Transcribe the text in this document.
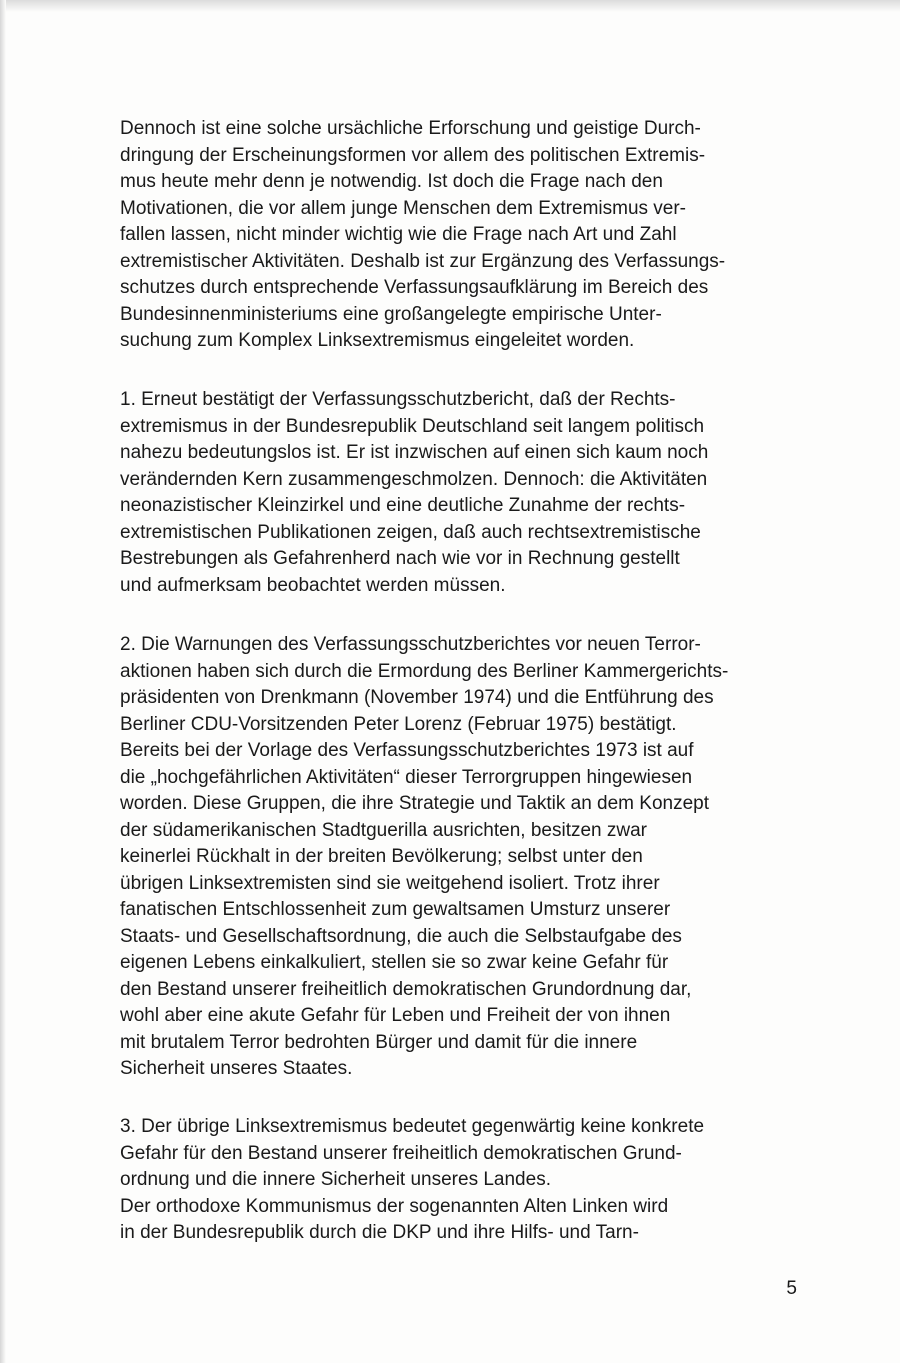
Dennoch ist eine solche ursächliche Erforschung und geistige Durch-
dringung der Erscheinungsformen vor allem des politischen Extremis-
mus heute mehr denn je notwendig. Ist doch die Frage nach den
Motivationen, die vor allem junge Menschen dem Extremismus ver-
fallen lassen, nicht minder wichtig wie die Frage nach Art und Zahl
extremistischer Aktivitäten. Deshalb ist zur Ergänzung des Verfassungs-
schutzes durch entsprechende Verfassungsaufklärung im Bereich des
Bundesinnenministeriums eine großangelegte empirische Unter-
suchung zum Komplex Linksextremismus eingeleitet worden.

1. Erneut bestätigt der Verfassungsschutzbericht, daß der Rechts-
extremismus in der Bundesrepublik Deutschland seit langem politisch
nahezu bedeutungslos ist. Er ist inzwischen auf einen sich kaum noch
verändernden Kern zusammengeschmolzen. Dennoch: die Aktivitäten
neonazistischer Kleinzirkel und eine deutliche Zunahme der rechts-
extremistischen Publikationen zeigen, daß auch rechtsextremistische
Bestrebungen als Gefahrenherd nach wie vor in Rechnung gestellt
und aufmerksam beobachtet werden müssen.

2. Die Warnungen des Verfassungsschutzberichtes vor neuen Terror-
aktionen haben sich durch die Ermordung des Berliner Kammergerichts-
präsidenten von Drenkmann (November 1974) und die Entführung des
Berliner CDU-Vorsitzenden Peter Lorenz (Februar 1975) bestätigt.
Bereits bei der Vorlage des Verfassungsschutzberichtes 1973 ist auf
die „hochgefährlichen Aktivitäten“ dieser Terrorgruppen hingewiesen
worden. Diese Gruppen, die ihre Strategie und Taktik an dem Konzept
der südamerikanischen Stadtguerilla ausrichten, besitzen zwar
keinerlei Rückhalt in der breiten Bevölkerung; selbst unter den
übrigen Linksextremisten sind sie weitgehend isoliert. Trotz ihrer
fanatischen Entschlossenheit zum gewaltsamen Umsturz unserer
Staats- und Gesellschaftsordnung, die auch die Selbstaufgabe des
eigenen Lebens einkalkuliert, stellen sie so zwar keine Gefahr für
den Bestand unserer freiheitlich demokratischen Grundordnung dar,
wohl aber eine akute Gefahr für Leben und Freiheit der von ihnen
mit brutalem Terror bedrohten Bürger und damit für die innere
Sicherheit unseres Staates.

3. Der übrige Linksextremismus bedeutet gegenwärtig keine konkrete
Gefahr für den Bestand unserer freiheitlich demokratischen Grund-
ordnung und die innere Sicherheit unseres Landes.
Der orthodoxe Kommunismus der sogenannten Alten Linken wird
in der Bundesrepublik durch die DKP und ihre Hilfs- und Tarn-

5
